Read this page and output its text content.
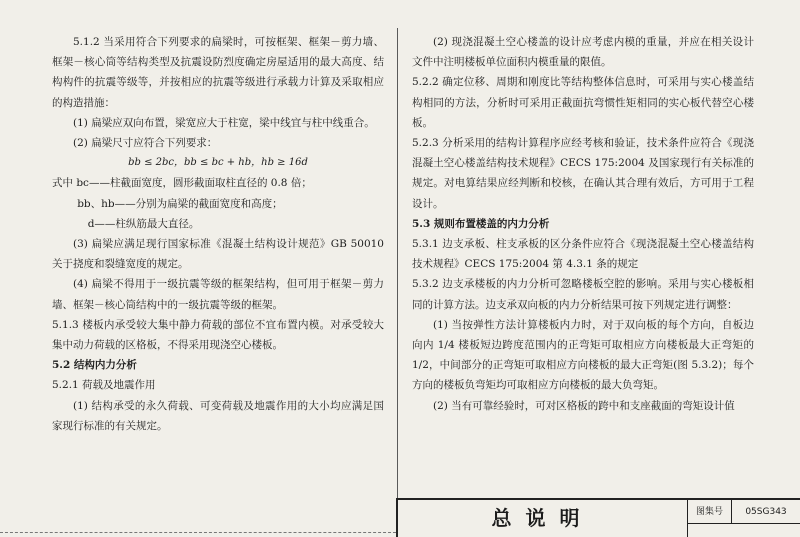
5.1.2 当采用符合下列要求的扁梁时，可按框架、框架－剪力墙、框架－核心筒等结构类型及抗震设防烈度确定房屋适用的最大高度、结构构件的抗震等级等，并按相应的抗震等级进行承载力计算及采取相应的构造措施：

(1) 扁梁应双向布置，梁宽应大于柱宽，梁中线宜与柱中线重合。

(2) 扁梁尺寸应符合下列要求：

bb ≤ 2bc，bb ≤ bc + hb，hb ≥ 16d

式中 bc——柱截面宽度，圆形截面取柱直径的 0.8 倍；

bb、hb——分别为扁梁的截面宽度和高度；

d——柱纵筋最大直径。

(3) 扁梁应满足现行国家标准《混凝土结构设计规范》GB 50010 关于挠度和裂缝宽度的规定。

(4) 扁梁不得用于一级抗震等级的框架结构，但可用于框架－剪力墙、框架－核心筒结构中的一级抗震等级的框架。

5.1.3 楼板内承受较大集中静力荷载的部位不宜布置内模。对承受较大集中动力荷载的区格板，不得采用现浇空心楼板。

5.2 结构内力分析

5.2.1 荷载及地震作用

(1) 结构承受的永久荷载、可变荷载及地震作用的大小均应满足国家现行标准的有关规定。

(2) 现浇混凝土空心楼盖的设计应考虑内模的重量，并应在相关设计文件中注明楼板单位面积内模重量的限值。

5.2.2 确定位移、周期和刚度比等结构整体信息时，可采用与实心楼盖结构相同的方法，分析时可采用正截面抗弯惯性矩相同的实心板代替空心楼板。

5.2.3 分析采用的结构计算程序应经考核和验证，技术条件应符合《现浇混凝土空心楼盖结构技术规程》CECS 175:2004 及国家现行有关标准的规定。对电算结果应经判断和校核，在确认其合理有效后，方可用于工程设计。

5.3 规则布置楼盖的内力分析

5.3.1 边支承板、柱支承板的区分条件应符合《现浇混凝土空心楼盖结构技术规程》CECS 175:2004 第 4.3.1 条的规定

5.3.2 边支承楼板的内力分析可忽略楼板空腔的影响。采用与实心楼板相同的计算方法。边支承双向板的内力分析结果可按下列规定进行调整：

(1) 当按弹性方法计算楼板内力时，对于双向板的每个方向，自板边向内 1/4 楼板短边跨度范围内的正弯矩可取相应方向楼板最大正弯矩的 1/2，中间部分的正弯矩可取相应方向楼板的最大正弯矩(图 5.3.2)；每个方向的楼板负弯矩均可取相应方向楼板的最大负弯矩。

(2) 当有可靠经验时，可对区格板的跨中和支座截面的弯矩设计值

总说明	图集号	05SG343
